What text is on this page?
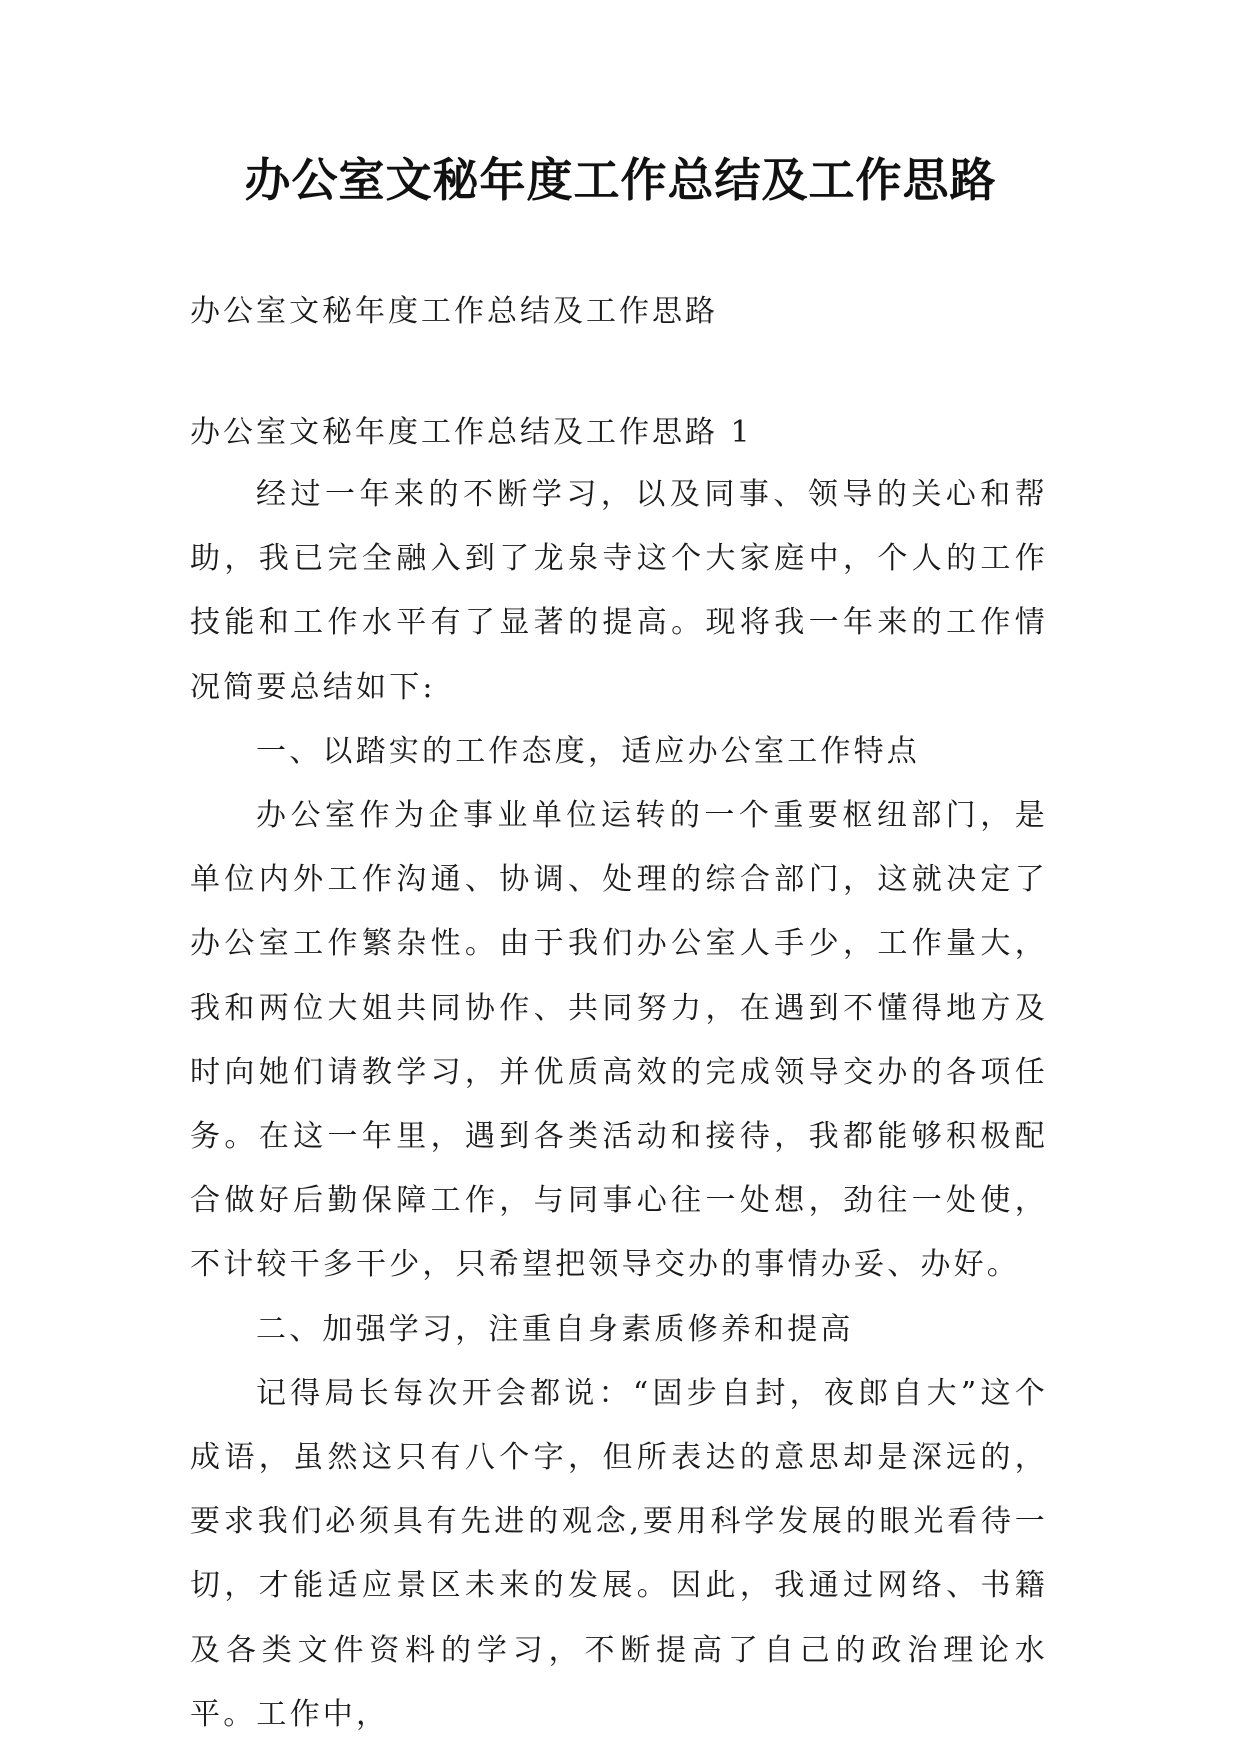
办公室文秘年度工作总结及工作思路
办公室文秘年度工作总结及工作思路
办公室文秘年度工作总结及工作思路 1

经过一年来的不断学习，以及同事、领导的关心和帮助，我已完全融入到了龙泉寺这个大家庭中，个人的工作技能和工作水平有了显著的提高。现将我一年来的工作情况简要总结如下:

一、以踏实的工作态度，适应办公室工作特点

办公室作为企事业单位运转的一个重要枢纽部门，是单位内外工作沟通、协调、处理的综合部门，这就决定了办公室工作繁杂性。由于我们办公室人手少，工作量大，我和两位大姐共同协作、共同努力，在遇到不懂得地方及时向她们请教学习，并优质高效的完成领导交办的各项任务。在这一年里，遇到各类活动和接待，我都能够积极配合做好后勤保障工作，与同事心往一处想，劲往一处使，不计较干多干少，只希望把领导交办的事情办妥、办好。

二、加强学习，注重自身素质修养和提高

记得局长每次开会都说：“固步自封，夜郎自大”这个成语，虽然这只有八个字，但所表达的意思却是深远的，要求我们必须具有先进的观念,要用科学发展的眼光看待一切，才能适应景区未来的发展。因此，我通过网络、书籍及各类文件资料的学习，不断提高了自己的政治理论水平。工作中，
